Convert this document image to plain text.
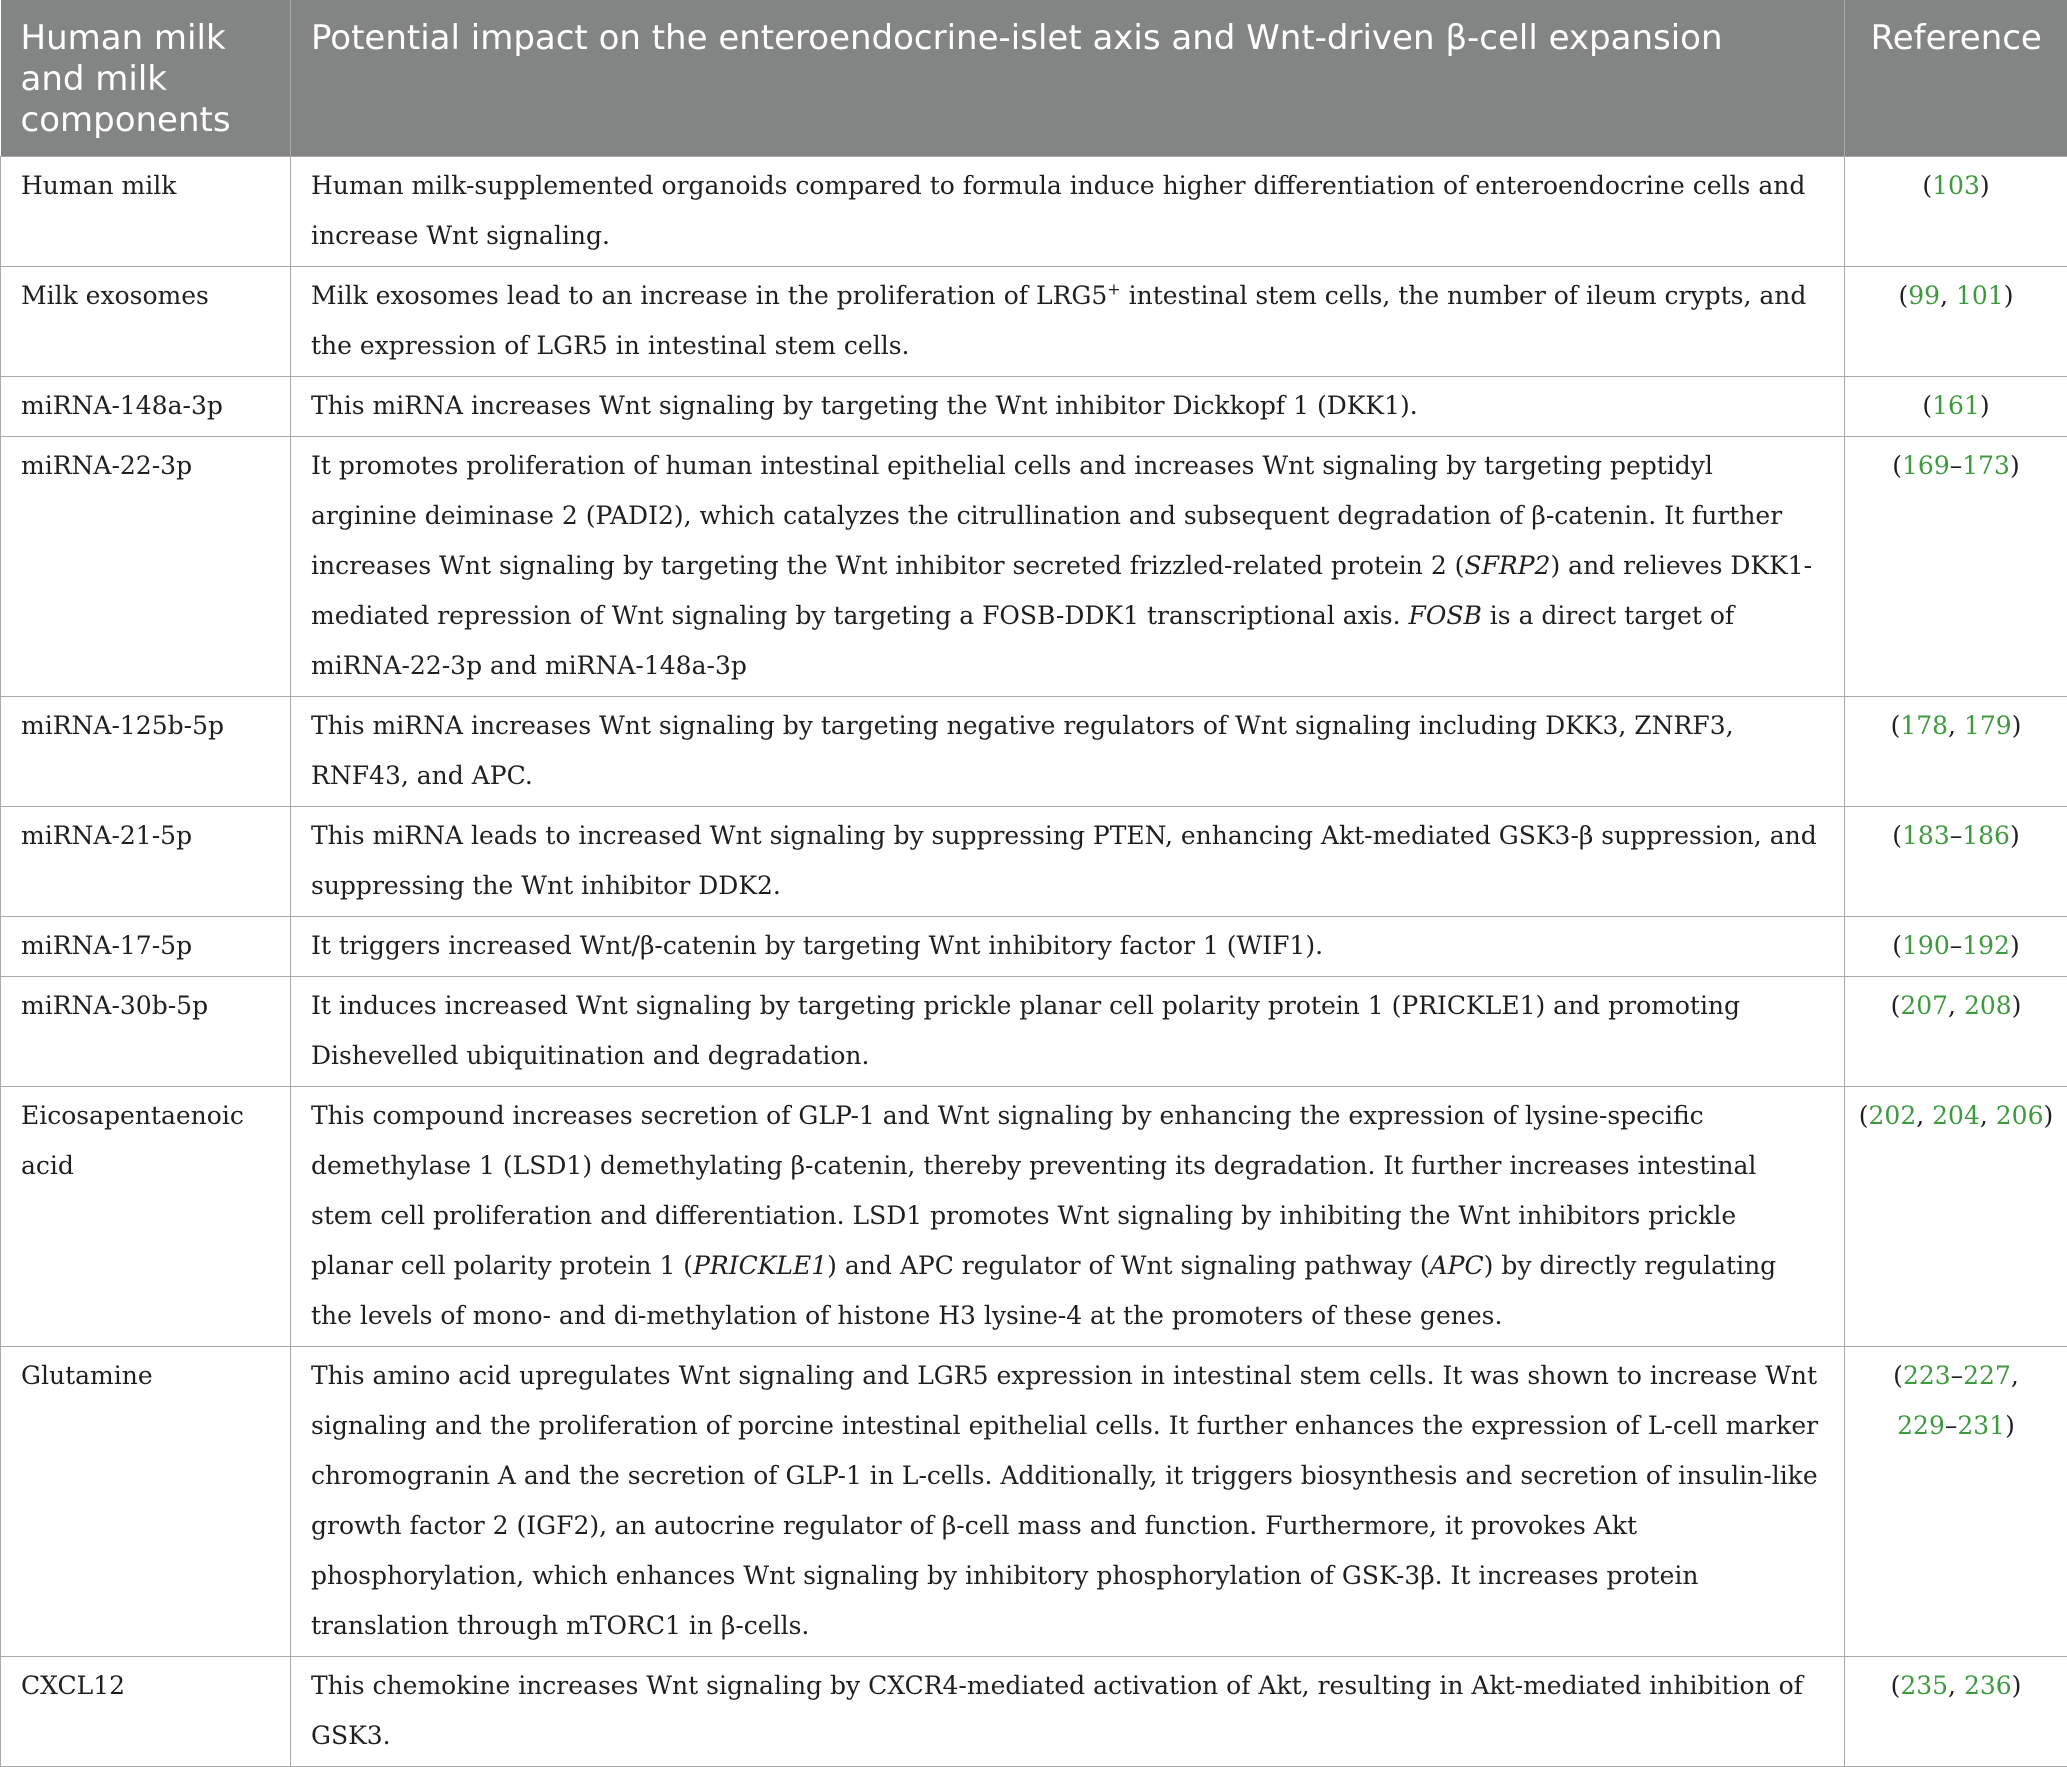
Human milk and milk components	Potential impact on the enteroendocrine-islet axis and Wnt-driven β-cell expansion	Reference
Human milk	Human milk-supplemented organoids compared to formula induce higher differentiation of enteroendocrine cells and increase Wnt signaling.	(103)
Milk exosomes	Milk exosomes lead to an increase in the proliferation of LRG5+ intestinal stem cells, the number of ileum crypts, and the expression of LGR5 in intestinal stem cells.	(99, 101)
miRNA-148a-3p	This miRNA increases Wnt signaling by targeting the Wnt inhibitor Dickkopf 1 (DKK1).	(161)
miRNA-22-3p	It promotes proliferation of human intestinal epithelial cells and increases Wnt signaling by targeting peptidyl arginine deiminase 2 (PADI2), which catalyzes the citrullination and subsequent degradation of β-catenin. It further increases Wnt signaling by targeting the Wnt inhibitor secreted frizzled-related protein 2 (SFRP2) and relieves DKK1-mediated repression of Wnt signaling by targeting a FOSB-DDK1 transcriptional axis. FOSB is a direct target of miRNA-22-3p and miRNA-148a-3p	(169–173)
miRNA-125b-5p	This miRNA increases Wnt signaling by targeting negative regulators of Wnt signaling including DKK3, ZNRF3, RNF43, and APC.	(178, 179)
miRNA-21-5p	This miRNA leads to increased Wnt signaling by suppressing PTEN, enhancing Akt-mediated GSK3-β suppression, and suppressing the Wnt inhibitor DDK2.	(183–186)
miRNA-17-5p	It triggers increased Wnt/β-catenin by targeting Wnt inhibitory factor 1 (WIF1).	(190–192)
miRNA-30b-5p	It induces increased Wnt signaling by targeting prickle planar cell polarity protein 1 (PRICKLE1) and promoting Dishevelled ubiquitination and degradation.	(207, 208)
Eicosapentaenoic acid	This compound increases secretion of GLP-1 and Wnt signaling by enhancing the expression of lysine-specific demethylase 1 (LSD1) demethylating β-catenin, thereby preventing its degradation. It further increases intestinal stem cell proliferation and differentiation. LSD1 promotes Wnt signaling by inhibiting the Wnt inhibitors prickle planar cell polarity protein 1 (PRICKLE1) and APC regulator of Wnt signaling pathway (APC) by directly regulating the levels of mono- and di-methylation of histone H3 lysine-4 at the promoters of these genes.	(202, 204, 206)
Glutamine	This amino acid upregulates Wnt signaling and LGR5 expression in intestinal stem cells. It was shown to increase Wnt signaling and the proliferation of porcine intestinal epithelial cells. It further enhances the expression of L-cell marker chromogranin A and the secretion of GLP-1 in L-cells. Additionally, it triggers biosynthesis and secretion of insulin-like growth factor 2 (IGF2), an autocrine regulator of β-cell mass and function. Furthermore, it provokes Akt phosphorylation, which enhances Wnt signaling by inhibitory phosphorylation of GSK-3β. It increases protein translation through mTORC1 in β-cells.	(223–227,
229–231)
CXCL12	This chemokine increases Wnt signaling by CXCR4-mediated activation of Akt, resulting in Akt-mediated inhibition of GSK3.	(235, 236)
